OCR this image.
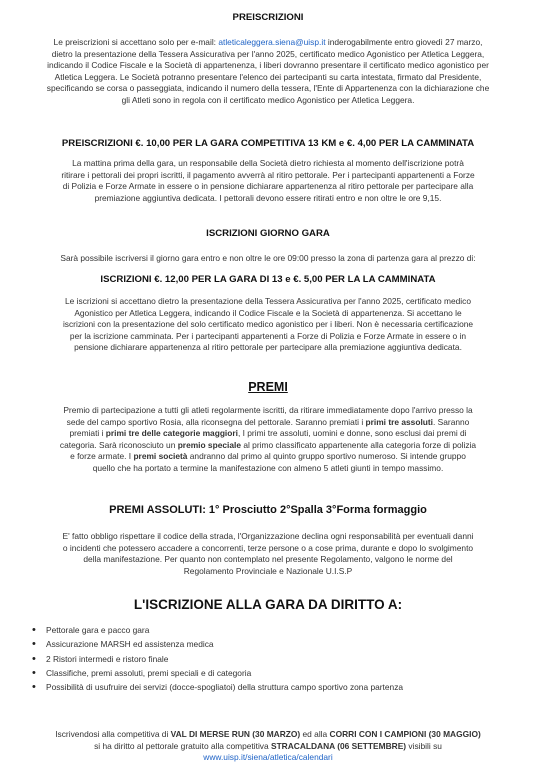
PREISCRIZIONI
Le preiscrizioni si accettano solo per e-mail: atleticaleggera.siena@uisp.it inderogabilmente entro giovedì 27 marzo,
dietro la presentazione della Tessera Assicurativa per l'anno 2025, certificato medico Agonistico per Atletica Leggera,
indicando il Codice Fiscale e la Società di appartenenza, i liberi dovranno presentare il certificato medico agonistico per
Atletica Leggera. Le Società potranno presentare l'elenco dei partecipanti su carta intestata, firmato dal Presidente,
specificando se corsa o passeggiata, indicando il numero della tessera, l'Ente di Appartenenza con la dichiarazione che
gli Atleti sono in regola con il certificato medico Agonistico per Atletica Leggera.
PREISCRIZIONI €. 10,00 PER LA GARA COMPETITIVA 13 KM e €. 4,00 PER LA CAMMINATA
La mattina prima della gara, un responsabile della Società dietro richiesta al momento dell'iscrizione potrà
ritirare i pettorali dei propri iscritti, il pagamento avverrà al ritiro pettorale. Per i partecipanti appartenenti a Forze
di Polizia e Forze Armate in essere o in pensione dichiarare appartenenza al ritiro pettorale per partecipare alla
premiazione aggiuntiva dedicata. I pettorali devono essere ritirati entro e non oltre le ore 9,15.
ISCRIZIONI GIORNO GARA
Sarà possibile iscriversi il giorno gara entro e non oltre le ore 09:00 presso la zona di partenza gara al prezzo di:
ISCRIZIONI €. 12,00 PER LA GARA DI 13 e €. 5,00 PER LA LA CAMMINATA
Le iscrizioni si accettano dietro la presentazione della Tessera Assicurativa per l'anno 2025, certificato medico
Agonistico per Atletica Leggera, indicando il Codice Fiscale e la Società di appartenenza. Si accettano le
iscrizioni con la presentazione del solo certificato medico agonistico per i liberi. Non è necessaria certificazione
per la iscrizione camminata. Per i partecipanti appartenenti a Forze di Polizia e Forze Armate in essere o in
pensione dichiarare appartenenza al ritiro pettorale per partecipare alla premiazione aggiuntiva dedicata.
PREMI
Premio di partecipazione a tutti gli atleti regolarmente iscritti, da ritirare immediatamente dopo l'arrivo presso la
sede del campo sportivo Rosia, alla riconsegna del pettorale. Saranno premiati i primi tre assoluti. Saranno
premiati i primi tre delle categorie maggiori, I primi tre assoluti, uomini e donne, sono esclusi dai premi di
categoria. Sarà riconosciuto un premio speciale al primo classificato appartenente alla categoria forze di polizia
e forze armate. I premi società andranno dal primo al quinto gruppo sportivo numeroso. Si intende gruppo
quello che ha portato a termine la manifestazione con almeno 5 atleti giunti in tempo massimo.
PREMI ASSOLUTI: 1° Prosciutto 2°Spalla 3°Forma formaggio
E' fatto obbligo rispettare il codice della strada, l'Organizzazione declina ogni responsabilità per eventuali danni
o incidenti che potessero accadere a concorrenti, terze persone o a cose prima, durante e dopo lo svolgimento
della manifestazione. Per quanto non contemplato nel presente Regolamento, valgono le norme del
Regolamento Provinciale e Nazionale U.I.S.P
L'ISCRIZIONE ALLA GARA DA DIRITTO A:
• Pettorale gara e pacco gara
• Assicurazione MARSH ed assistenza medica
• 2 Ristori intermedi e ristoro finale
• Classifiche, premi assoluti, premi speciali e di categoria
• Possibilità di usufruire dei servizi (docce-spogliatoi) della struttura campo sportivo zona partenza
Iscrivendosi alla competitiva di VAL DI MERSE RUN (30 MARZO) ed alla CORRI CON I CAMPIONI (30 MAGGIO)
si ha diritto al pettorale gratuito alla competitiva STRACALDANA (06 SETTEMBRE) visibili su
www.uisp.it/siena/atletica/calendari
